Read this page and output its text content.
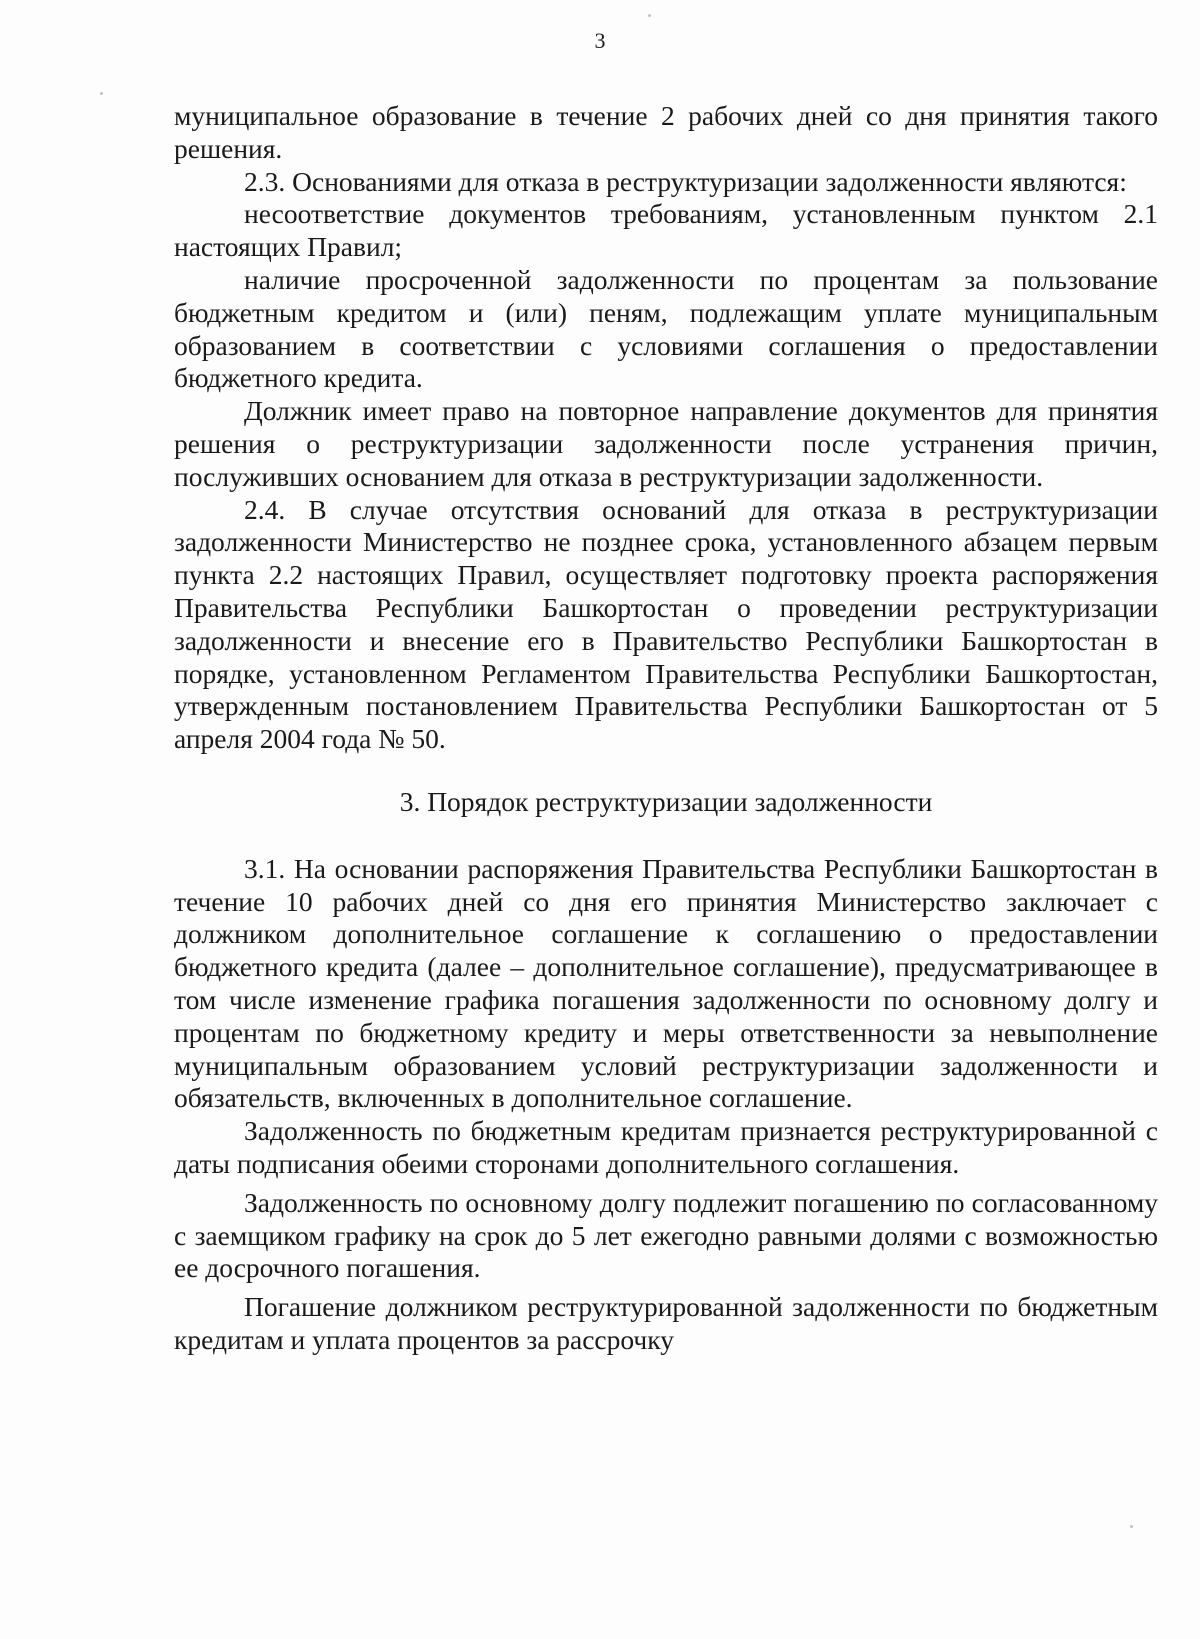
3

муниципальное образование в течение 2 рабочих дней со дня принятия такого решения.

2.3. Основаниями для отказа в реструктуризации задолженности являются:

несоответствие документов требованиям, установленным пунктом 2.1 настоящих Правил;

наличие просроченной задолженности по процентам за пользование бюджетным кредитом и (или) пеням, подлежащим уплате муниципальным образованием в соответствии с условиями соглашения о предоставлении бюджетного кредита.

Должник имеет право на повторное направление документов для принятия решения о реструктуризации задолженности после устранения причин, послуживших основанием для отказа в реструктуризации задолженности.

2.4. В случае отсутствия оснований для отказа в реструктуризации задолженности Министерство не позднее срока, установленного абзацем первым пункта 2.2 настоящих Правил, осуществляет подготовку проекта распоряжения Правительства Республики Башкортостан о проведении реструктуризации задолженности и внесение его в Правительство Республики Башкортостан в порядке, установленном Регламентом Правительства Республики Башкортостан, утвержденным постановлением Правительства Республики Башкортостан от 5 апреля 2004 года № 50.

3. Порядок реструктуризации задолженности

3.1. На основании распоряжения Правительства Республики Башкортостан в течение 10 рабочих дней со дня его принятия Министерство заключает с должником дополнительное соглашение к соглашению о предоставлении бюджетного кредита (далее – дополнительное соглашение), предусматривающее в том числе изменение графика погашения задолженности по основному долгу и процентам по бюджетному кредиту и меры ответственности за невыполнение муниципальным образованием условий реструктуризации задолженности и обязательств, включенных в дополнительное соглашение.

Задолженность по бюджетным кредитам признается реструктурированной с даты подписания обеими сторонами дополнительного соглашения.

Задолженность по основному долгу подлежит погашению по согласованному с заемщиком графику на срок до 5 лет ежегодно равными долями с возможностью ее досрочного погашения.

Погашение должником реструктурированной задолженности по бюджетным кредитам и уплата процентов за рассрочку
